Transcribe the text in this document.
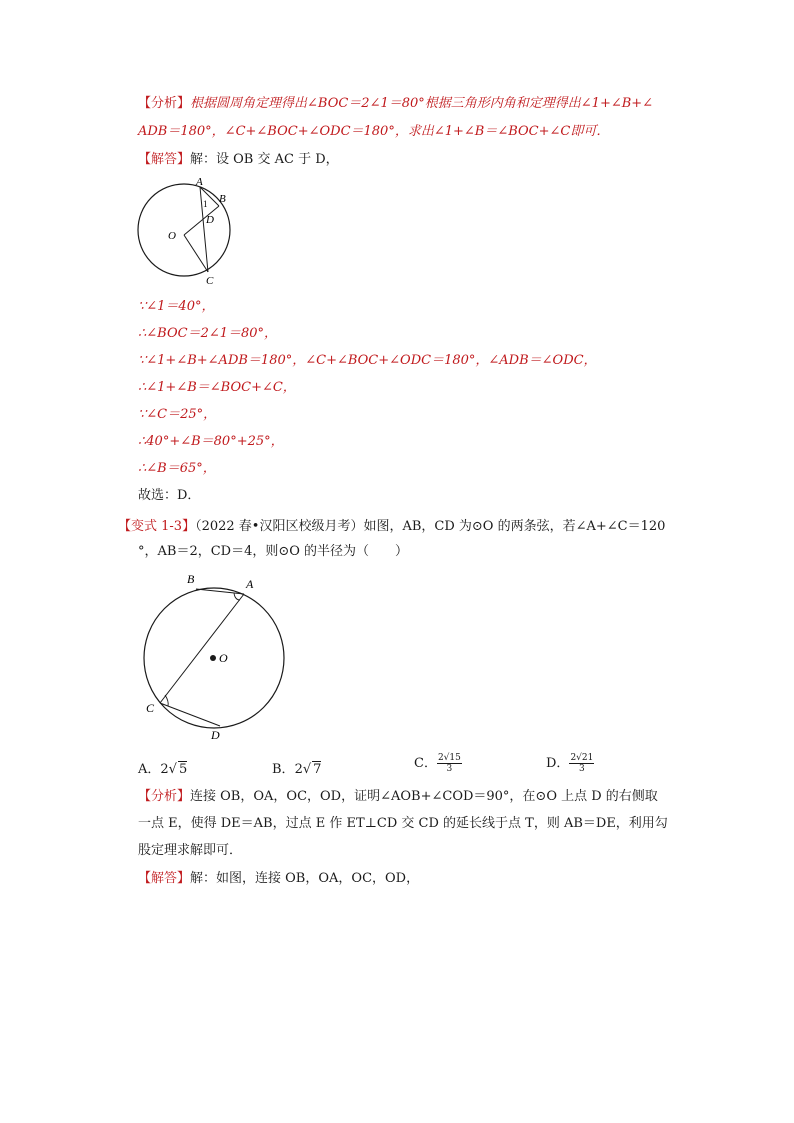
【分析】根据圆周角定理得出∠BOC＝2∠1＝80°根据三角形内角和定理得出∠1+∠B+∠
ADB＝180°，∠C+∠BOC+∠ODC＝180°，求出∠1+∠B＝∠BOC+∠C即可．
【解答】解：设 OB 交 AC 于 D，
A
B
D
1
O
C
∵∠1＝40°，
∴∠BOC＝2∠1＝80°，
∵∠1+∠B+∠ADB＝180°，∠C+∠BOC+∠ODC＝180°，∠ADB＝∠ODC，
∴∠1+∠B＝∠BOC+∠C，
∵∠C＝25°，
∴40°+∠B＝80°+25°，
∴∠B＝65°，
故选：D．
【变式 1-3】（2022 春•汉阳区校级月考）如图，AB，CD 为⊙O 的两条弦，若∠A+∠C＝120
°，AB＝2，CD＝4，则⊙O 的半径为（　　）
B	A
O
C
D
A．2√ 5	B．2√ 7	C． $\frac{2√15}{3}$	D． $\frac{2√21}{3}$
【分析】连接 OB，OA，OC，OD，证明∠AOB+∠COD＝90°，在⊙O 上点 D 的右侧取
一点 E，使得 DE＝AB，过点 E 作 ET⊥CD 交 CD 的延长线于点 T，则 AB＝DE，利用勾
股定理求解即可．
【解答】解：如图，连接 OB，OA，OC，OD，
